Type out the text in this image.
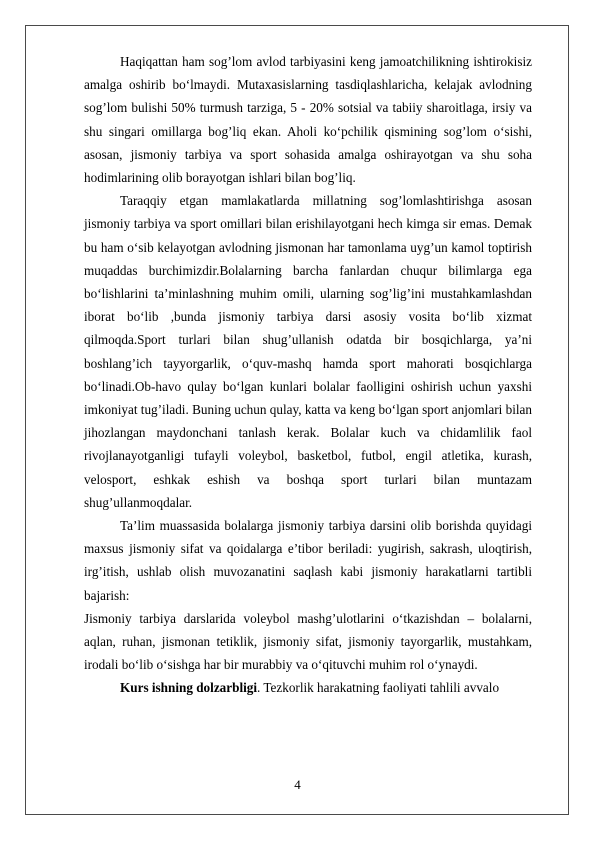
Haqiqattan ham sog’lom avlod tarbiyasini keng jamoatchilikning ishtirokisiz amalga oshirib bo‘lmaydi. Mutaxasislarning tasdiqlashlaricha, kelajak avlodning sog’lom bulishi 50% turmush tarziga, 5 - 20% sotsial va tabiiy sharoitlaga, irsiy va shu singari omillarga bog’liq ekan. Aholi ko‘pchilik qismining sog’lom o‘sishi, asosan, jismoniy tarbiya va sport sohasida amalga oshirayotgan va shu soha hodimlarining olib borayotgan ishlari bilan bog’liq.

Taraqqiy etgan mamlakatlarda millatning sog’lomlashtirishga asosan jismoniy tarbiya va sport omillari bilan erishilayotgani hech kimga sir emas. Demak bu ham o‘sib kelayotgan avlodning jismonan har tamonlama uyg’un kamol toptirish muqaddas burchimizdir.Bolalarning barcha fanlardan chuqur bilimlarga ega bo‘lishlarini ta’minlashning muhim omili, ularning sog’lig’ini mustahkamlashdan iborat bo‘lib ,bunda jismoniy tarbiya darsi asosiy vosita bo‘lib xizmat qilmoqda.Sport turlari bilan shug’ullanish odatda bir bosqichlarga, ya’ni boshlang’ich tayyorgarlik, o‘quv-mashq hamda sport mahorati bosqichlarga bo‘linadi.Ob-havo qulay bo‘lgan kunlari bolalar faolligini oshirish uchun yaxshi imkoniyat tug’iladi. Buning uchun qulay, katta va keng bo‘lgan sport anjomlari bilan jihozlangan maydonchani tanlash kerak. Bolalar kuch va chidamlilik faol rivojlanayotganligi tufayli voleybol, basketbol, futbol, engil atletika, kurash, velosport, eshkak eshish va boshqa sport turlari bilan muntazam shug’ullanmoqdalar.

Ta’lim muassasida bolalarga jismoniy tarbiya darsini olib borishda quyidagi maxsus jismoniy sifat va qoidalarga e’tibor beriladi: yugirish, sakrash, uloqtirish, irg’itish, ushlab olish muvozanatini saqlash kabi jismoniy harakatlarni tartibli bajarish:

Jismoniy tarbiya darslarida voleybol mashg’ulotlarini o‘tkazishdan – bolalarni, aqlan, ruhan, jismonan tetiklik, jismoniy sifat, jismoniy tayorgarlik, mustahkam, irodali bo‘lib o‘sishga har bir murabbiy va o‘qituvchi muhim rol o‘ynaydi.

Kurs ishning dolzarbligi. Tezkorlik harakatning faoliyati tahlili avvalo

4
